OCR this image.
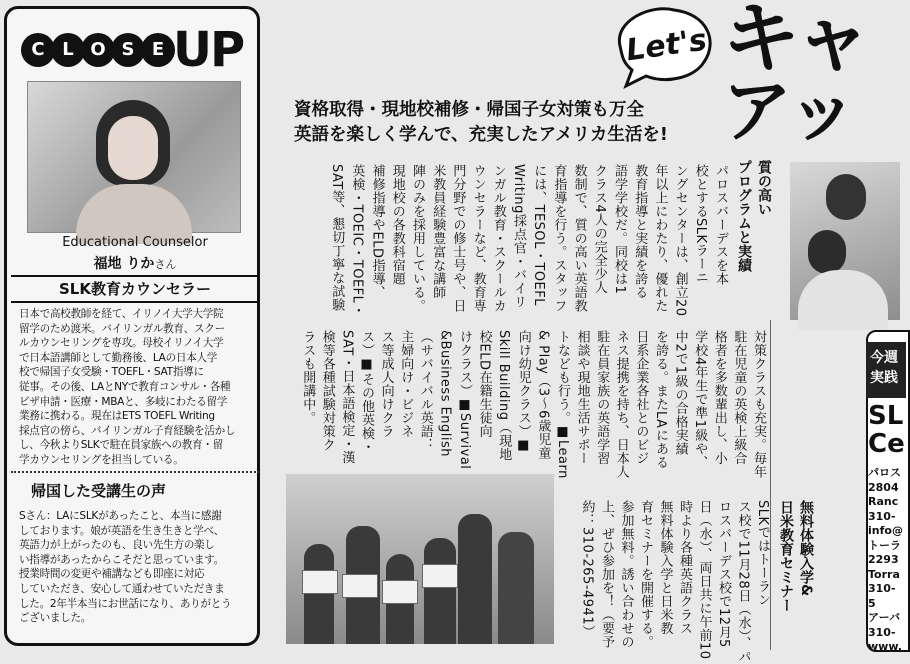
C L O S E UP
Educational Counselor
福地 りかさん
SLK教育カウンセラー
日本で高校教師を経て、イリノイ大学大学院
留学のため渡米。バイリンガル教育、スクー
ルカウンセリングを専攻。母校イリノイ大学
で日本語講師として勤務後、LAの日本人学
校で帰国子女受験・TOEFL・SAT指導に
従事。その後、LAとNYで教育コンサル・各種
ビザ申請・医療・MBAと、多岐にわたる留学
業務に携わる。現在はETS TOEFL Writing
採点官の傍ら、バイリンガル子育経験を活かし
し、今秋よりSLKで駐在員家族への教育・留
学カウンセリングを担当している。
帰国した受講生の声
Sさん：LAにSLKがあったこと、本当に感謝
しております。娘が英語を生き生きと学べ、
英語力が上がったのも、良い先生方の楽し
い指導があったからこそだと思っています。
授業時間の変更や補講なども即座に対応
していただき、安心して通わせていただきま
した。2年半本当にお世話になり、ありがとう
ございました。
Let's キャ
アッ
資格取得・現地校補修・帰国子女対策も万全
英語を楽しく学んで、充実したアメリカ生活を!
質の高い
プログラムと実績
パロスバーデスを本
校とするSLKラーニ
ングセンターは、創立20
年以上にわたり、優れた
教育指導と実績を誇る
語学学校だ。同校は1
クラス4人の完全少人
数制で、質の高い英語教
育指導を行う。スタッフ
には、TESOL・TOEFL
Writing採点官・バイリ
ンガル教育・スクールカ
ウンセラーなど、教育専
門分野での修士号や、日
米教員経験豊富な講師
陣のみを採用している。
現地校の各教科宿題
補修指導やELD指導、
英検・TOEIC・TOEFL・
SAT等、懇切丁寧な試験
対策クラスも充実。毎年
駐在児童の英検上級合
格者を多数輩出し、小
学校4年生で準1級や、
中2で1級の合格実績
を誇る。またLAにある
日系企業各社とのビジ
ネス提携を持ち、日本人
駐在員家族の英語学習
相談や現地生活サポー
トなども行う。■Learn
& Play（3〜6歳児童
向け幼児クラス）■
Skill Building（現地
校ELD在籍生徒向
けクラス）■Survival
&Business English
（サバイバル英語：
主婦向け・ビジネ
ス等成人向けクラ
ス）■その他英検・
SAT・日本語検定・漢
検等各種試験対策ク
ラスも開講中。
無料体験入学&
日米教育セミナー
SLKではトーラン
ス校で11月28日（水）、パ
ロスバーデス校で12月5
日（水）、両日共に午前10
時より各種英語クラス
無料体験入学と日米教
育セミナーを開催する。
参加無料。誘い合わせの
上、ぜひ参加を！（要予
約：310-265-4941）
今週
実践
SL
Ce
パロス
2804
Ranc
310-
info@
トーラ
2293
Torra
310-5
アーバ
310-
www.
